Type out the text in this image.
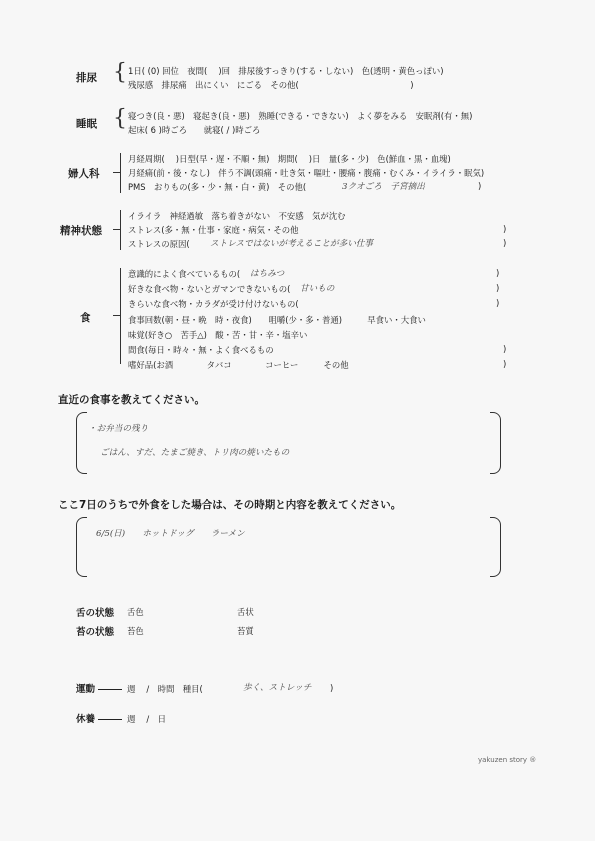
排尿 { 1日( (0) 回位　夜間(　 )回　排尿後すっきり(する・しない)　色(透明・黄色っぽい)
残尿感　排尿痛　出にくい　にごる　その他(　　　　　　　　　　　　　 )
睡眠 { 寝つき(良・悪)　寝起き(良・悪)　熟睡(できる・できない)　よく夢をみる　安眠剤(有・無)
起床( 6 )時ごろ　　就寝( / )時ごろ
婦人科
月経周期(　 )日型(早・遅・不順・無)　期間(　 )日　量(多・少)　色(鮮血・黒・血塊)
月経痛(前・後・なし)　伴う不調(頭痛・吐き気・嘔吐・腰痛・腹痛・むくみ・イライラ・眠気)
PMS　おりもの(多・少・無・白・黄)　その他(	3クオごろ　子宮摘出	)
精神状態
イライラ　神経過敏　落ち着きがない　不安感　気が沈む
ストレス(多・無・仕事・家庭・病気・その他	)
ストレスの原因( ストレスではないが考えることが多い仕事	)
食
意識的によく食べているもの( はちみつ	)
好きな食べ物・ないとガマンできないもの( 甘いもの	)
きらいな食べ物・カラダが受け付けないもの(	)
食事回数(朝・昼・晩　時・夜食)　　咀嚼(少・多・普通)　　　早食い・大食い
味覚(好き○　苦手△)　酸・苦・甘・辛・塩辛い
間食(毎日・時々・無・よく食べるもの	)
嗜好品(お酒　　　　タバコ　　　　コーヒー　　　その他	)
直近の食事を教えてください。
・お弁当の残り
ごはん、すだ、たまご焼き、トリ肉の焼いたもの
ここ7日のうちで外食をした場合は、その時期と内容を教えてください。
6/5(日)　　ホットドッグ　　ラーメン
舌の状態 舌色	舌状
苔の状態 苔色	苔質
運動	週　 /　時間　種目(	歩く、ストレッチ )
休養	週　 /　日
yakuzen story ®
